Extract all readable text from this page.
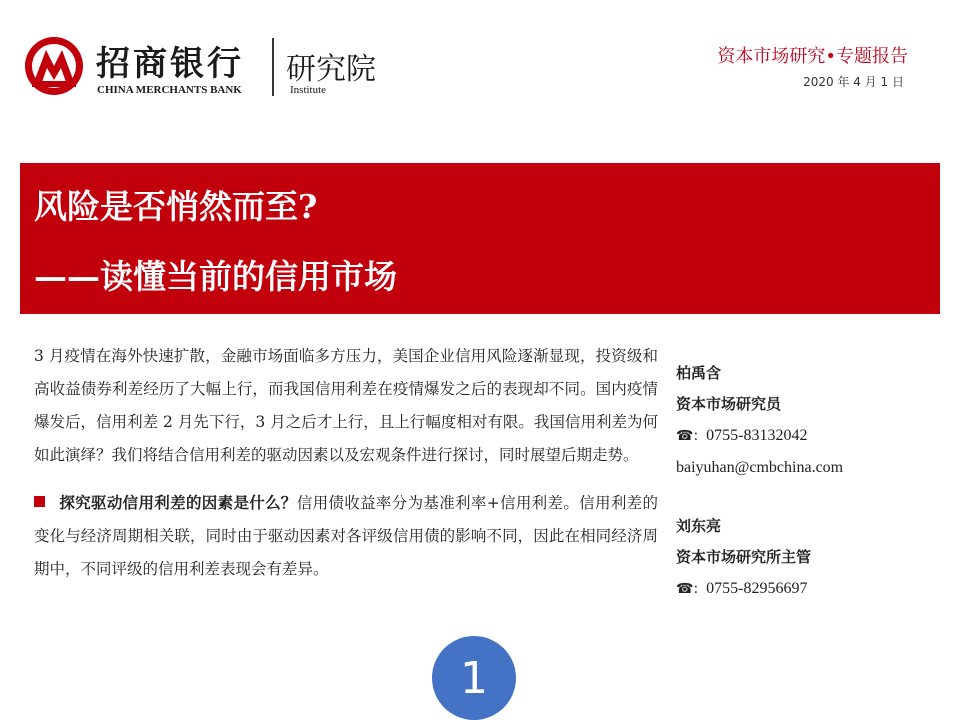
招商银行
CHINA MERCHANTS BANK
研究院
Institute
资本市场研究•专题报告
2020 年 4 月 1 日
风险是否悄然而至?
——读懂当前的信用市场

3 月疫情在海外快速扩散，金融市场面临多方压力，美国企业信用风险逐渐显现，投资级和高收益债券利差经历了大幅上行，而我国信用利差在疫情爆发之后的表现却不同。国内疫情爆发后，信用利差 2 月先下行，3 月之后才上行，且上行幅度相对有限。我国信用利差为何如此演绎？我们将结合信用利差的驱动因素以及宏观条件进行探讨，同时展望后期走势。

探究驱动信用利差的因素是什么？信用债收益率分为基准利率+信用利差。信用利差的变化与经济周期相关联，同时由于驱动因素对各评级信用债的影响不同，因此在相同经济周期中，不同评级的信用利差表现会有差异。

柏禹含
资本市场研究员
☎: 0755-83132042
baiyuhan@cmbchina.com
刘东亮
资本市场研究所主管
☎: 0755-82956697
1
